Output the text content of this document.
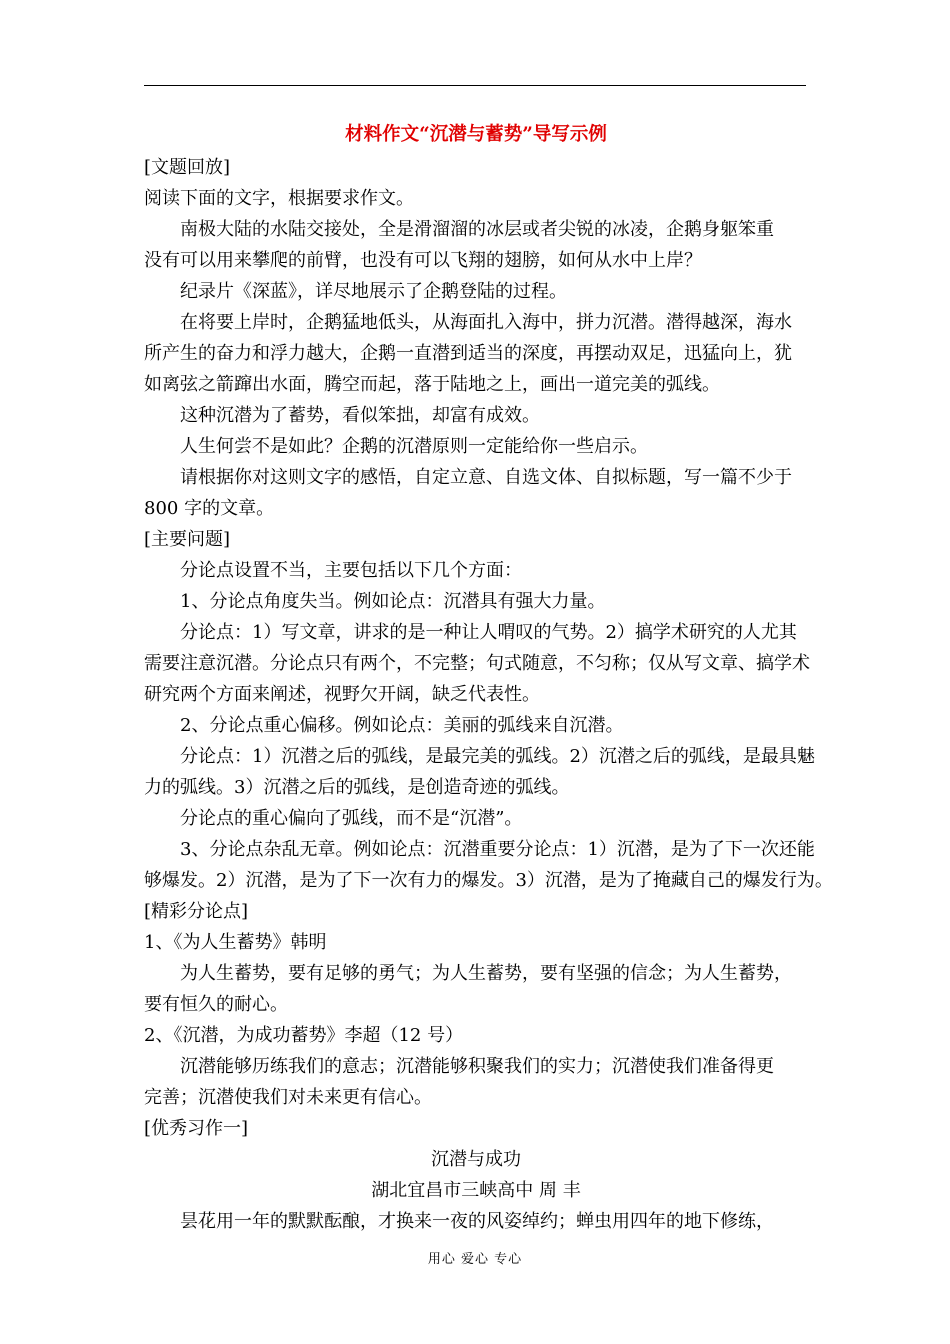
材料作文“沉潜与蓄势”导写示例
[文题回放]
阅读下面的文字，根据要求作文。
南极大陆的水陆交接处，全是滑溜溜的冰层或者尖锐的冰凌，企鹅身躯笨重
没有可以用来攀爬的前臂，也没有可以飞翔的翅膀，如何从水中上岸？
纪录片《深蓝》，详尽地展示了企鹅登陆的过程。
在将要上岸时，企鹅猛地低头，从海面扎入海中，拼力沉潜。潜得越深，海水
所产生的奋力和浮力越大，企鹅一直潜到适当的深度，再摆动双足，迅猛向上，犹
如离弦之箭蹿出水面，腾空而起，落于陆地之上，画出一道完美的弧线。
这种沉潜为了蓄势，看似笨拙，却富有成效。
人生何尝不是如此？企鹅的沉潜原则一定能给你一些启示。
请根据你对这则文字的感悟，自定立意、自选文体、自拟标题，写一篇不少于
800 字的文章。
[主要问题]
分论点设置不当，主要包括以下几个方面：
1、分论点角度失当。例如论点：沉潜具有强大力量。
分论点：1）写文章，讲求的是一种让人喟叹的气势。2）搞学术研究的人尤其
需要注意沉潜。分论点只有两个，不完整；句式随意，不匀称；仅从写文章、搞学术
研究两个方面来阐述，视野欠开阔，缺乏代表性。
2、分论点重心偏移。例如论点：美丽的弧线来自沉潜。
分论点：1）沉潜之后的弧线，是最完美的弧线。2）沉潜之后的弧线，是最具魅
力的弧线。3）沉潜之后的弧线，是创造奇迹的弧线。
分论点的重心偏向了弧线，而不是“沉潜”。
3、分论点杂乱无章。例如论点：沉潜重要分论点：1）沉潜，是为了下一次还能
够爆发。2）沉潜，是为了下一次有力的爆发。3）沉潜，是为了掩藏自己的爆发行为。
[精彩分论点]
1、《为人生蓄势》韩明
为人生蓄势，要有足够的勇气；为人生蓄势，要有坚强的信念；为人生蓄势，
要有恒久的耐心。
2、《沉潜，为成功蓄势》李超（12 号）
沉潜能够历练我们的意志；沉潜能够积聚我们的实力；沉潜使我们准备得更
完善；沉潜使我们对未来更有信心。
[优秀习作一]
沉潜与成功
湖北宜昌市三峡高中 周 丰
昙花用一年的默默酝酿，才换来一夜的风姿绰约；蝉虫用四年的地下修练，
用心 爱心 专心
